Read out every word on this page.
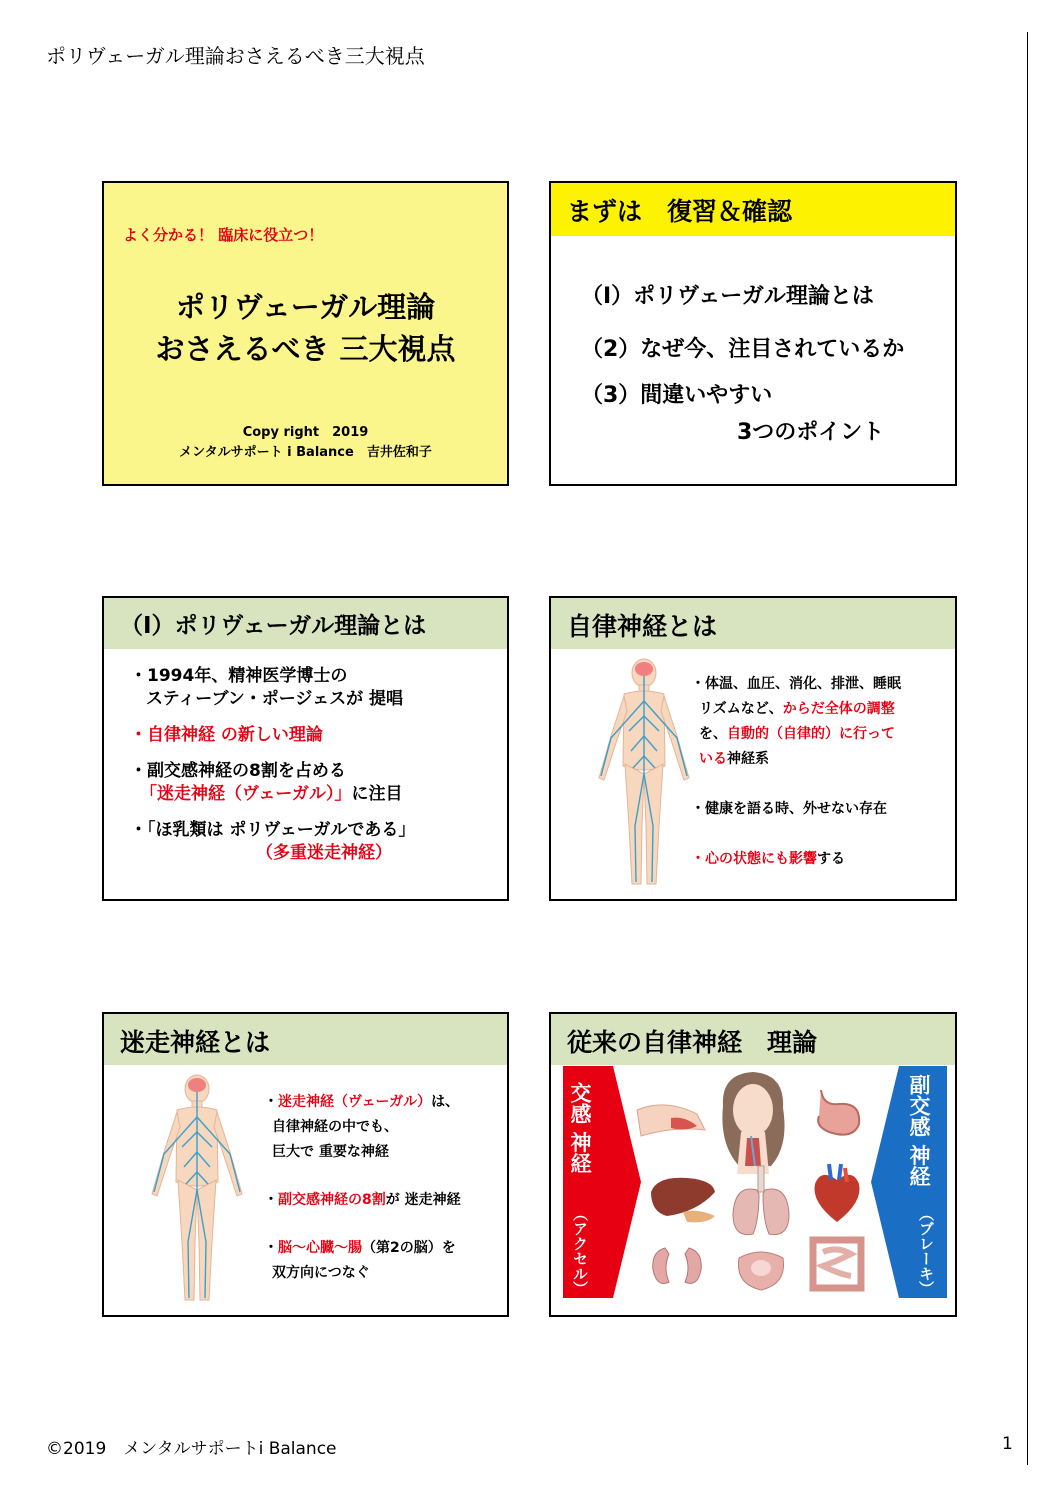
ポリヴェーガル理論おさえるべき三大視点
よく分かる！ 臨床に役立つ！
ポリヴェーガル理論
おさえるべき 三大視点
Copy right　2019
メンタルサポート i Balance　吉井佐和子
まずは　復習＆確認
（I）ポリヴェーガル理論とは
（2）なぜ今、注目されているか
（3）間違いやすい
3つのポイント
（I）ポリヴェーガル理論とは
・1994年、精神医学博士の
スティーブン・ポージェスが 提唱
・自律神経 の新しい理論
・副交感神経の8割を占める
「迷走神経（ヴェーガル）」に注目
・「ほ乳類は ポリヴェーガルである」
（多重迷走神経）
自律神経とは
・体温、血圧、消化、排泄、睡眠
リズムなど、からだ全体の調整
を、自動的（自律的）に行って
いる神経系
・健康を語る時、外せない存在
・心の状態にも影響する
迷走神経とは
・迷走神経（ヴェーガル）は、
自律神経の中でも、
巨大で 重要な神経
・副交感神経の8割が 迷走神経
・脳～心臓～腸（第2の脳）を
双方向につなぐ
従来の自律神経　理論
交感 神経
（アクセル）
副交感 神経
（ブレーキ）
©2019　メンタルサポートi Balance	1
